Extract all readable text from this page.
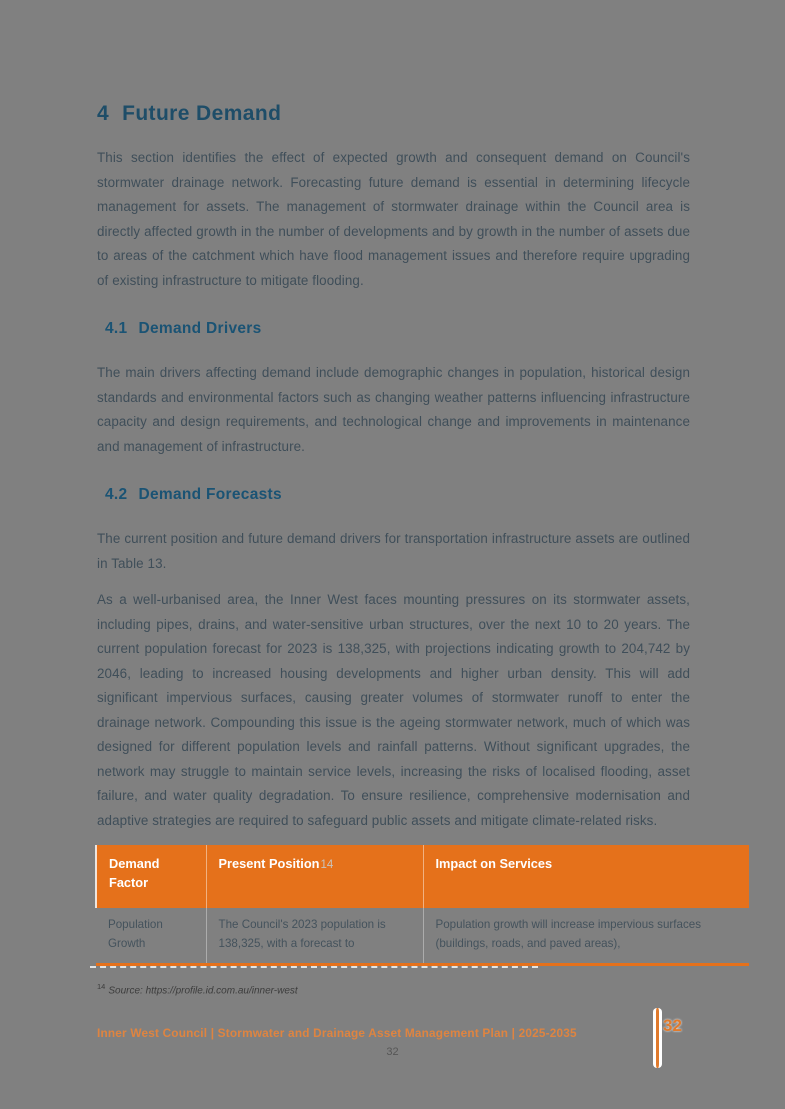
4 Future Demand

This section identifies the effect of expected growth and consequent demand on Council's stormwater drainage network. Forecasting future demand is essential in determining lifecycle management for assets. The management of stormwater drainage within the Council area is directly affected growth in the number of developments and by growth in the number of assets due to areas of the catchment which have flood management issues and therefore require upgrading of existing infrastructure to mitigate flooding.

4.1 Demand Drivers

The main drivers affecting demand include demographic changes in population, historical design standards and environmental factors such as changing weather patterns influencing infrastructure capacity and design requirements, and technological change and improvements in maintenance and management of infrastructure.

4.2 Demand Forecasts

The current position and future demand drivers for transportation infrastructure assets are outlined in Table 13.

As a well-urbanised area, the Inner West faces mounting pressures on its stormwater assets, including pipes, drains, and water-sensitive urban structures, over the next 10 to 20 years. The current population forecast for 2023 is 138,325, with projections indicating growth to 204,742 by 2046, leading to increased housing developments and higher urban density. This will add significant impervious surfaces, causing greater volumes of stormwater runoff to enter the drainage network. Compounding this issue is the ageing stormwater network, much of which was designed for different population levels and rainfall patterns. Without significant upgrades, the network may struggle to maintain service levels, increasing the risks of localised flooding, asset failure, and water quality degradation. To ensure resilience, comprehensive modernisation and adaptive strategies are required to safeguard public assets and mitigate climate-related risks.

Demand Factor	Present Position14	Impact on Services
Population Growth	The Council's 2023 population is 138,325, with a forecast to	Population growth will increase impervious surfaces (buildings, roads, and paved areas),
$^{14}$ Source: https://profile.id.com.au/inner-west
Inner West Council | Stormwater and Drainage Asset Management Plan | 2025-2035	32
32
